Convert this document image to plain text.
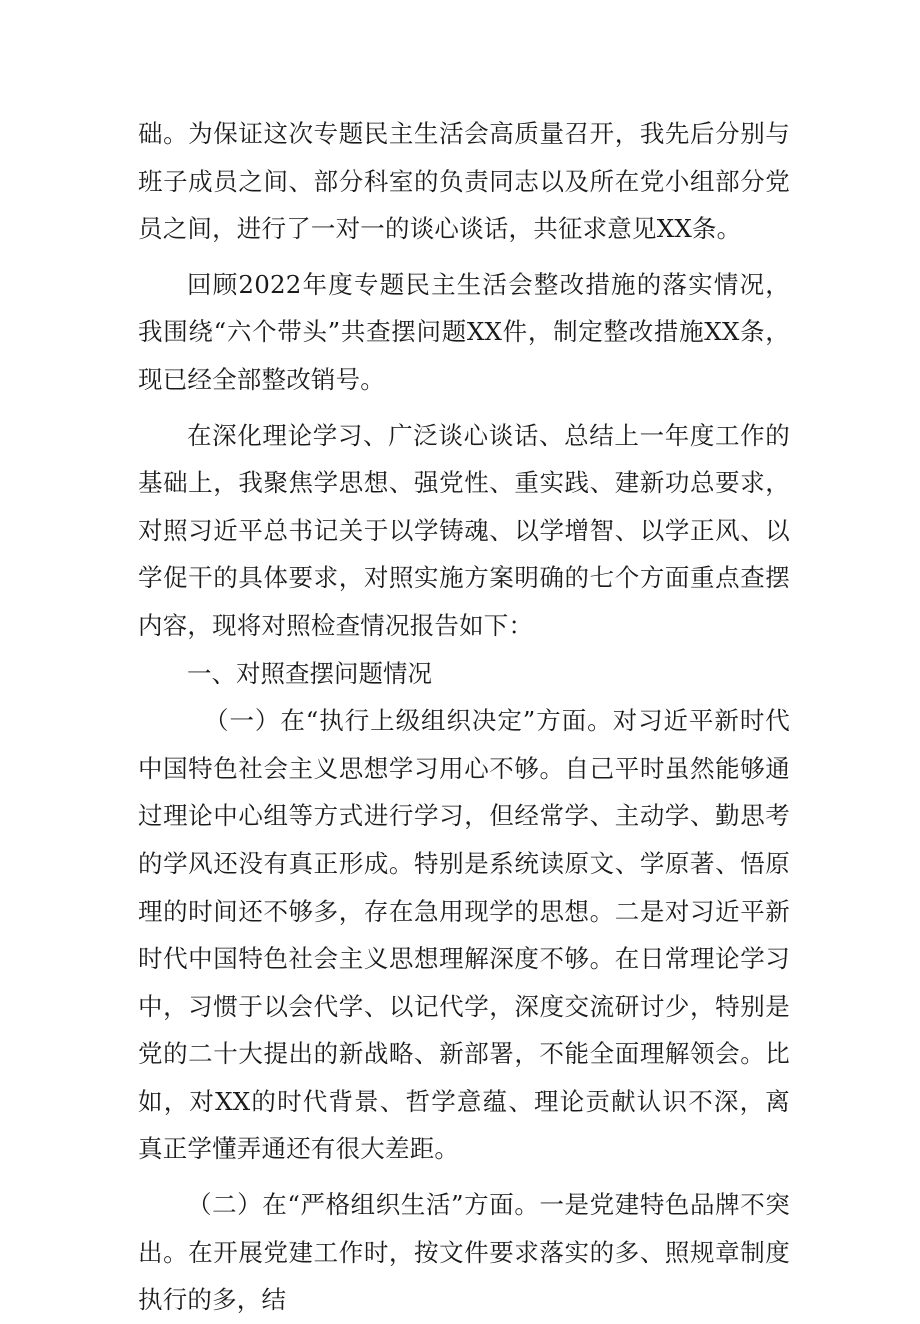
础。为保证这次专题民主生活会高质量召开，我先后分别与班子成员之间、部分科室的负责同志以及所在党小组部分党员之间，进行了一对一的谈心谈话，共征求意见XX条。

回顾2022年度专题民主生活会整改措施的落实情况，我围绕“六个带头”共查摆问题XX件，制定整改措施XX条，现已经全部整改销号。

在深化理论学习、广泛谈心谈话、总结上一年度工作的基础上，我聚焦学思想、强党性、重实践、建新功总要求，对照习近平总书记关于以学铸魂、以学增智、以学正风、以学促干的具体要求，对照实施方案明确的七个方面重点查摆内容，现将对照检查情况报告如下：

一、对照查摆问题情况

（一）在“执行上级组织决定”方面。对习近平新时代中国特色社会主义思想学习用心不够。自己平时虽然能够通过理论中心组等方式进行学习，但经常学、主动学、勤思考的学风还没有真正形成。特别是系统读原文、学原著、悟原理的时间还不够多，存在急用现学的思想。二是对习近平新时代中国特色社会主义思想理解深度不够。在日常理论学习中，习惯于以会代学、以记代学，深度交流研讨少，特别是党的二十大提出的新战略、新部署，不能全面理解领会。比如，对XX的时代背景、哲学意蕴、理论贡献认识不深，离真正学懂弄通还有很大差距。

（二）在“严格组织生活”方面。一是党建特色品牌不突出。在开展党建工作时，按文件要求落实的多、照规章制度执行的多，结
